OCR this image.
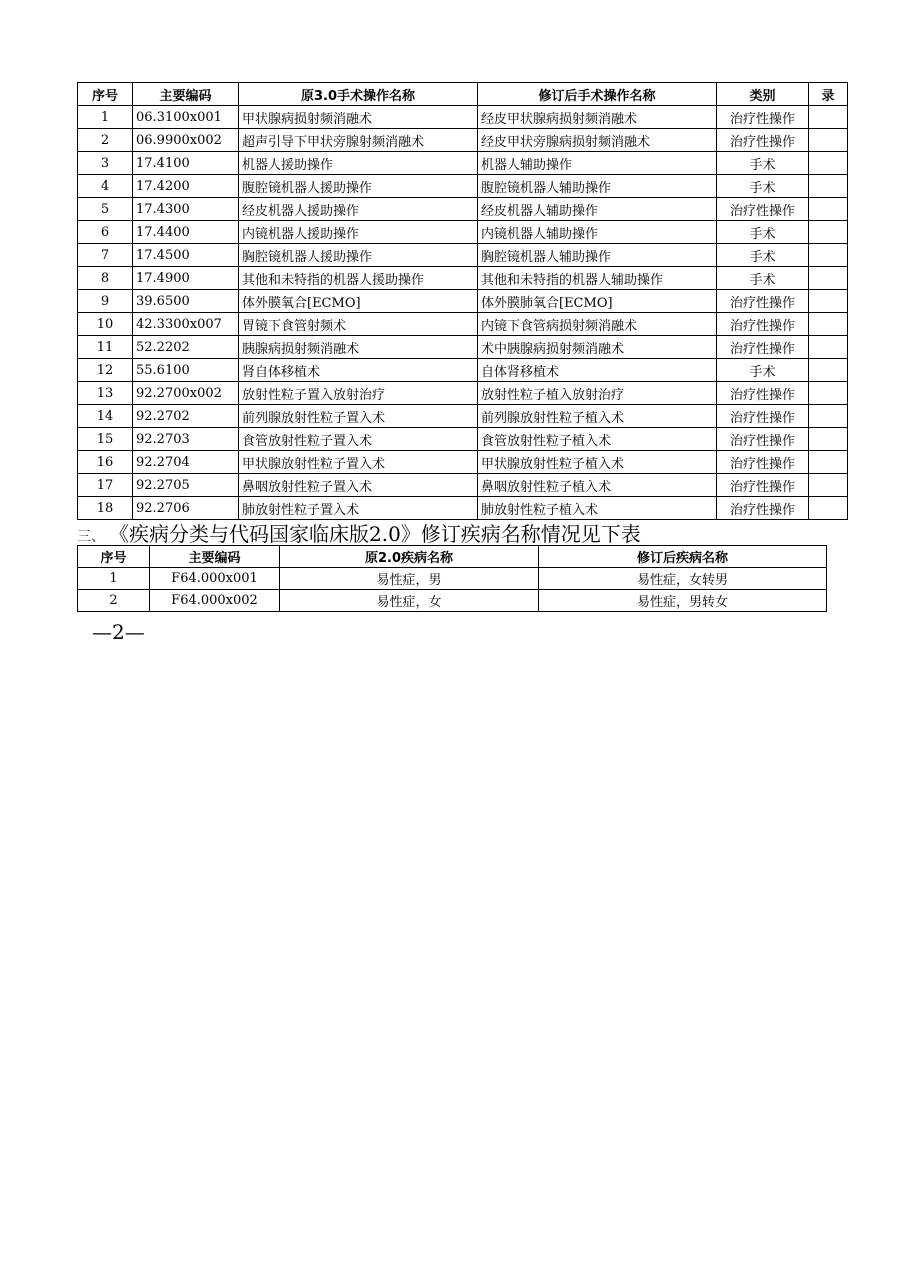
序号	主要编码	原3.0手术操作名称	修订后手术操作名称	类别	录
1	06.3100x001	甲状腺病损射频消融术	经皮甲状腺病损射频消融术	治疗性操作	
2	06.9900x002	超声引导下甲状旁腺射频消融术	经皮甲状旁腺病损射频消融术	治疗性操作	
3	17.4100	机器人援助操作	机器人辅助操作	手术	
4	17.4200	腹腔镜机器人援助操作	腹腔镜机器人辅助操作	手术	
5	17.4300	经皮机器人援助操作	经皮机器人辅助操作	治疗性操作	
6	17.4400	内镜机器人援助操作	内镜机器人辅助操作	手术	
7	17.4500	胸腔镜机器人援助操作	胸腔镜机器人辅助操作	手术	
8	17.4900	其他和未特指的机器人援助操作	其他和未特指的机器人辅助操作	手术	
9	39.6500	体外膜氧合[ECMO]	体外膜肺氧合[ECMO]	治疗性操作	
10	42.3300x007	胃镜下食管射频术	内镜下食管病损射频消融术	治疗性操作	
11	52.2202	胰腺病损射频消融术	术中胰腺病损射频消融术	治疗性操作	
12	55.6100	肾自体移植术	自体肾移植术	手术	
13	92.2700x002	放射性粒子置入放射治疗	放射性粒子植入放射治疗	治疗性操作	
14	92.2702	前列腺放射性粒子置入术	前列腺放射性粒子植入术	治疗性操作	
15	92.2703	食管放射性粒子置入术	食管放射性粒子植入术	治疗性操作	
16	92.2704	甲状腺放射性粒子置入术	甲状腺放射性粒子植入术	治疗性操作	
17	92.2705	鼻咽放射性粒子置入术	鼻咽放射性粒子植入术	治疗性操作	
18	92.2706	肺放射性粒子置入术	肺放射性粒子植入术	治疗性操作	
三、 《疾病分类与代码国家临床版2.0》修订疾病名称情况见下表
序号	主要编码	原2.0疾病名称	修订后疾病名称
1	F64.000x001	易性症，男	易性症，女转男
2	F64.000x002	易性症，女	易性症，男转女
—2—
